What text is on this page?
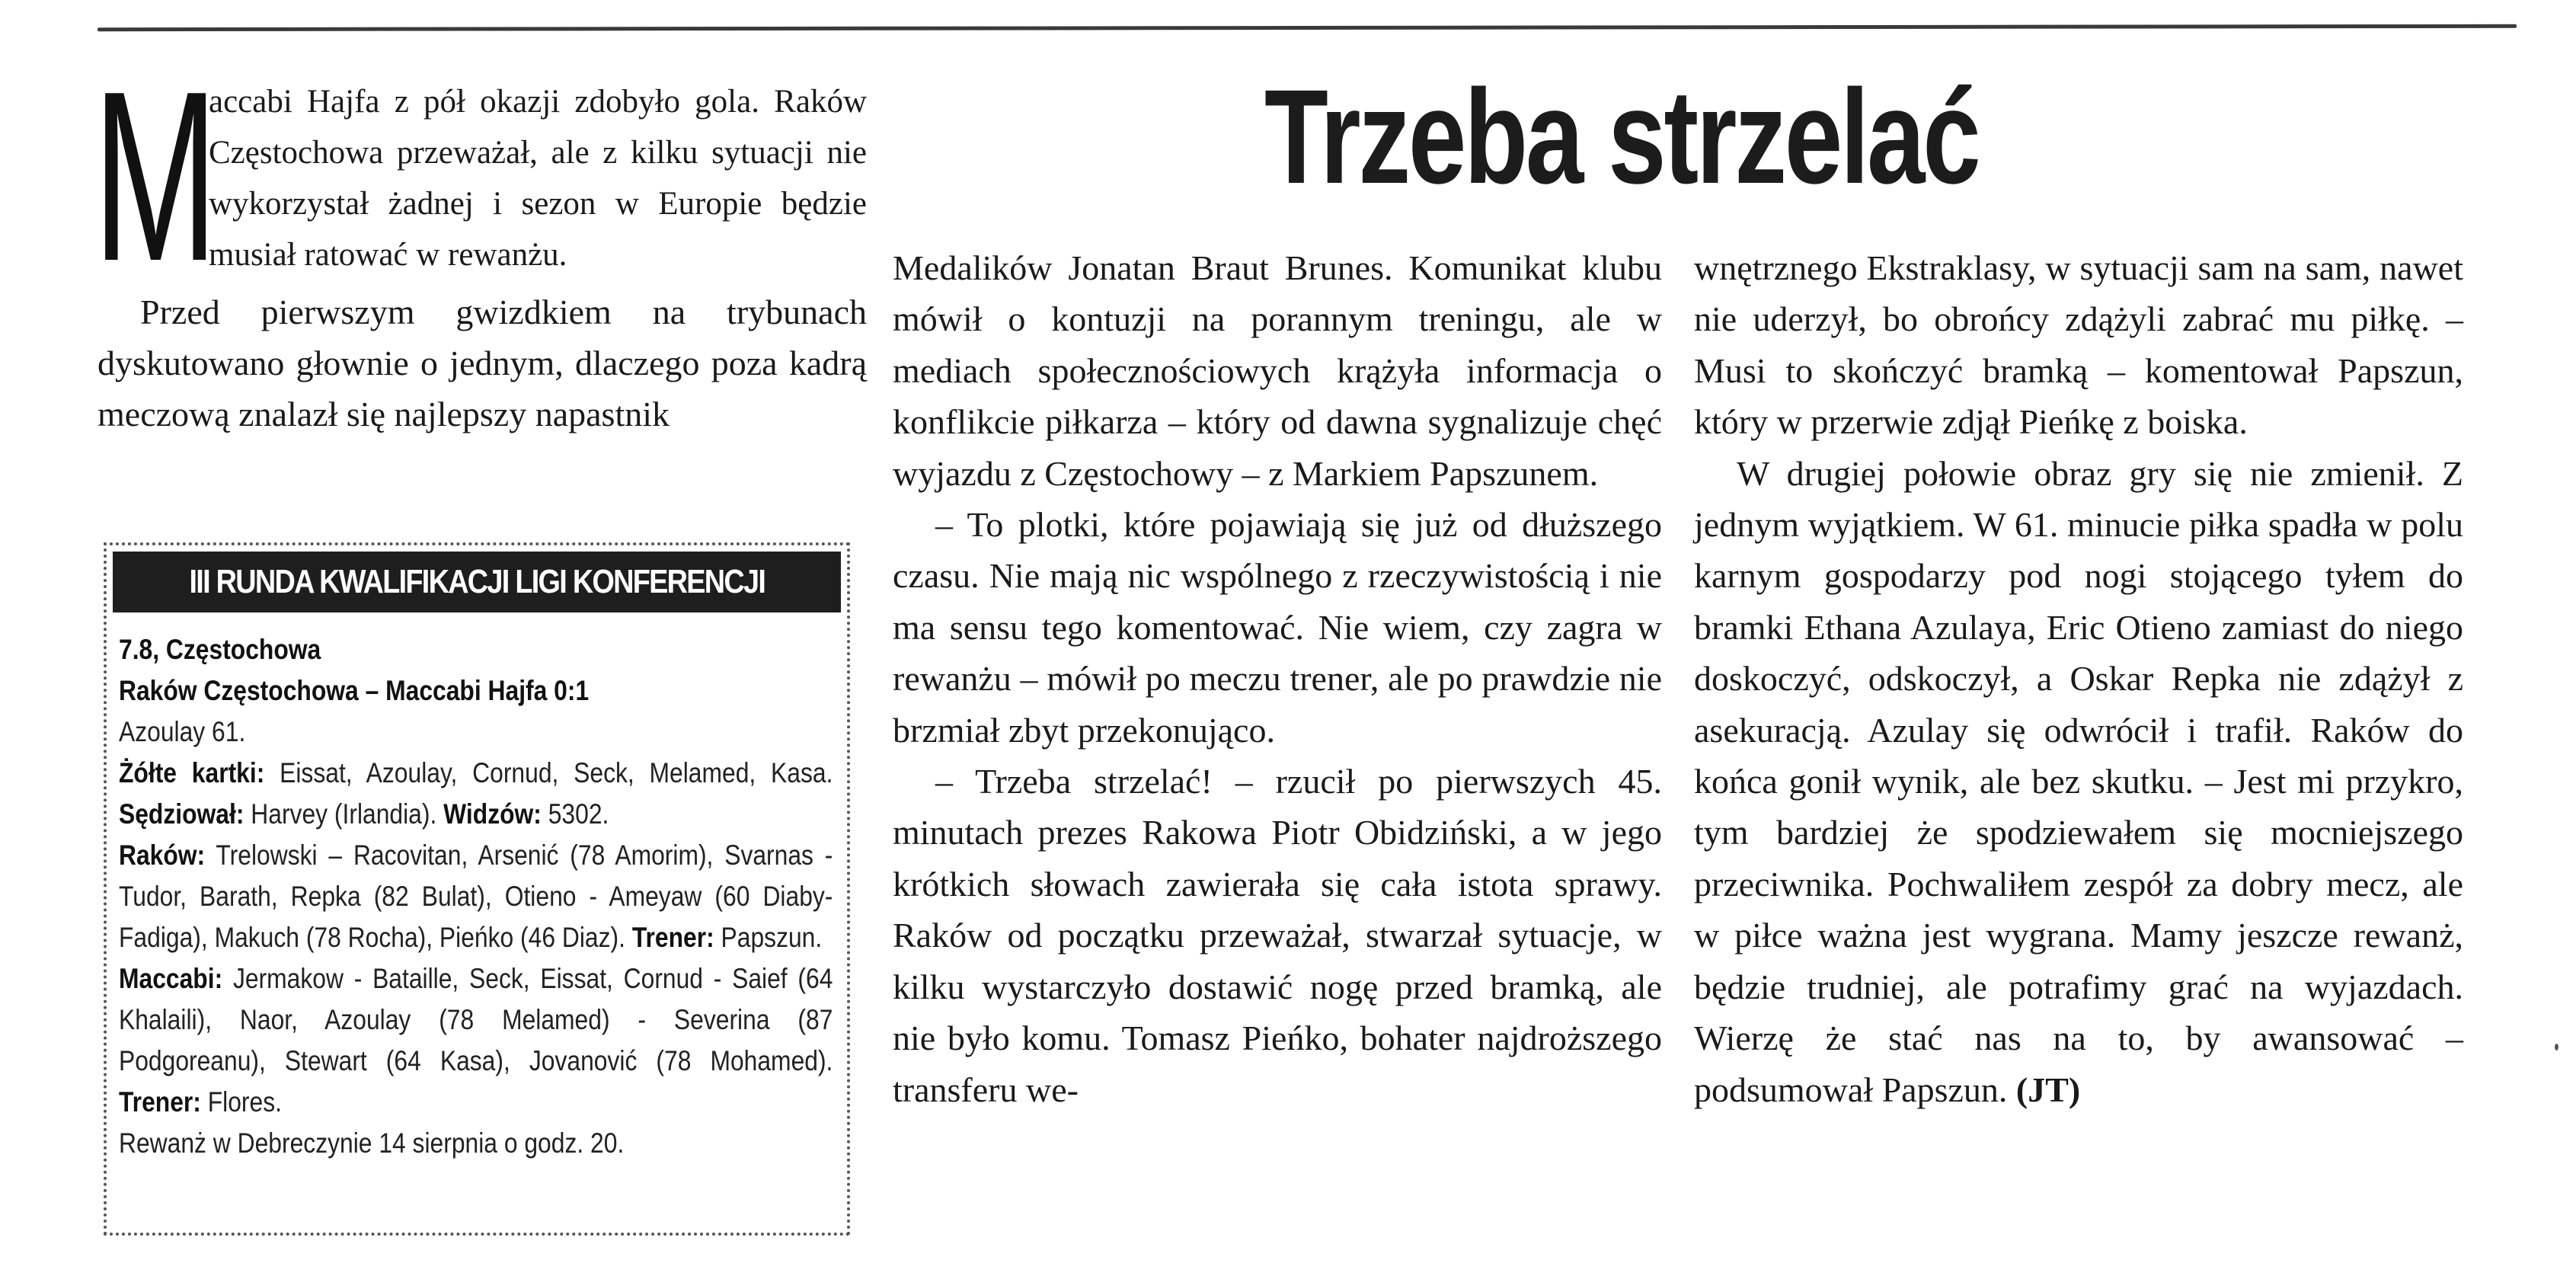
M
accabi Hajfa z pół okazji zdobyło gola. Raków Częstochowa przeważał, ale z kilku sytuacji nie wykorzystał żadnej i sezon w Europie będzie musiał ratować w rewanżu.

Przed pierwszym gwizdkiem na trybunach dyskutowano głownie o jednym, dlaczego poza kadrą meczową znalazł się najlepszy napastnik

III RUNDA KWALIFIKACJI LIGI KONFERENCJI
7.8, Częstochowa
Raków Częstochowa – Maccabi Hajfa 0:1
Azoulay 61.
Żółte kartki: Eissat, Azoulay, Cornud, Seck, Melamed, Kasa. Sędziował: Harvey (Irlandia). Widzów: 5302.
Raków: Trelowski – Racovitan, Arsenić (78 Amorim), Svarnas - Tudor, Barath, Repka (82 Bulat), Otieno - Ameyaw (60 Diaby-Fadiga), Makuch (78 Rocha), Pieńko (46 Diaz). Trener: Papszun.
Maccabi: Jermakow - Bataille, Seck, Eissat, Cornud - Saief (64 Khalaili), Naor, Azoulay (78 Melamed) - Severina (87 Podgoreanu), Stewart (64 Kasa), Jovanović (78 Mohamed). Trener: Flores.
Rewanż w Debreczynie 14 sierpnia o godz. 20.
Trzeba strzelać

Medalików Jonatan Braut Brunes. Komunikat klubu mówił o kontuzji na porannym treningu, ale w mediach społecznościowych krążyła informacja o konflikcie piłkarza – który od dawna sygnalizuje chęć wyjazdu z Częstochowy – z Markiem Papszunem.

– To plotki, które pojawiają się już od dłuższego czasu. Nie mają nic wspólnego z rzeczywistością i nie ma sensu tego komentować. Nie wiem, czy zagra w rewanżu – mówił po meczu trener, ale po prawdzie nie brzmiał zbyt przekonująco.

– Trzeba strzelać! – rzucił po pierwszych 45. minutach prezes Rakowa Piotr Obidziński, a w jego krótkich słowach zawierała się cała istota sprawy. Raków od początku przeważał, stwarzał sytuacje, w kilku wystarczyło dostawić nogę przed bramką, ale nie było komu. Tomasz Pieńko, bohater najdroższego transferu we-

wnętrznego Ekstraklasy, w sytuacji sam na sam, nawet nie uderzył, bo obrońcy zdążyli zabrać mu piłkę. – Musi to skończyć bramką – komentował Papszun, który w przerwie zdjął Pieńkę z boiska.

W drugiej połowie obraz gry się nie zmienił. Z jednym wyjątkiem. W 61. minucie piłka spadła w polu karnym gospodarzy pod nogi stojącego tyłem do bramki Ethana Azulaya, Eric Otieno zamiast do niego doskoczyć, odskoczył, a Oskar Repka nie zdążył z asekuracją. Azulay się odwrócił i trafił. Raków do końca gonił wynik, ale bez skutku. – Jest mi przykro, tym bardziej że spodziewałem się mocniejszego przeciwnika. Pochwaliłem zespół za dobry mecz, ale w piłce ważna jest wygrana. Mamy jeszcze rewanż, będzie trudniej, ale potrafimy grać na wyjazdach. Wierzę że stać nas na to, by awansować – podsumował Papszun. (JT)
